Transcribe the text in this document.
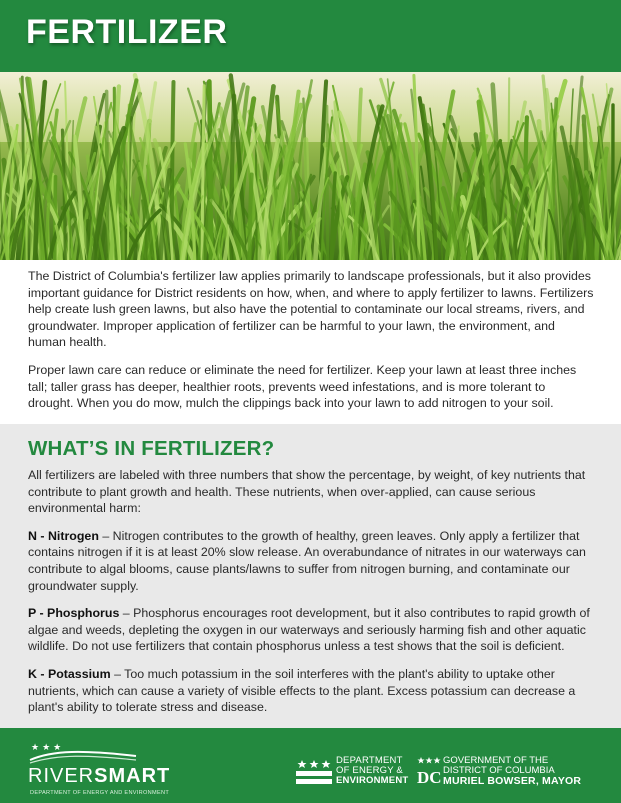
FERTILIZER

The District of Columbia's fertilizer law applies primarily to landscape professionals, but it also provides important guidance for District residents on how, when, and where to apply fertilizer to lawns. Fertilizers help create lush green lawns, but also have the potential to contaminate our local streams, rivers, and groundwater. Improper application of fertilizer can be harmful to your lawn, the environment, and human health.

Proper lawn care can reduce or eliminate the need for fertilizer. Keep your lawn at least three inches tall; taller grass has deeper, healthier roots, prevents weed infestations, and is more tolerant to drought. When you do mow, mulch the clippings back into your lawn to add nitrogen to your soil.

WHAT’S IN FERTILIZER?

All fertilizers are labeled with three numbers that show the percentage, by weight, of key nutrients that contribute to plant growth and health. These nutrients, when over-applied, can cause serious environmental harm:

N - Nitrogen – Nitrogen contributes to the growth of healthy, green leaves. Only apply a fertilizer that contains nitrogen if it is at least 20% slow release. An overabundance of nitrates in our waterways can contribute to algal blooms, cause plants/lawns to suffer from nitrogen burning, and contaminate our groundwater supply.

P - Phosphorus – Phosphorus encourages root development, but it also contributes to rapid growth of algae and weeds, depleting the oxygen in our waterways and seriously harming fish and other aquatic wildlife. Do not use fertilizers that contain phosphorus unless a test shows that the soil is deficient.

K - Potassium – Too much potassium in the soil interferes with the plant's ability to uptake other nutrients, which can cause a variety of visible effects to the plant. Excess potassium can decrease a plant's ability to tolerate stress and disease.

★★★
RIVERSMART
DEPARTMENT OF ENERGY AND ENVIRONMENT
DEPARTMENT
OF ENERGY &
ENVIRONMENT DC
GOVERNMENT OF THE
DISTRICT OF COLUMBIA
MURIEL BOWSER, MAYOR
